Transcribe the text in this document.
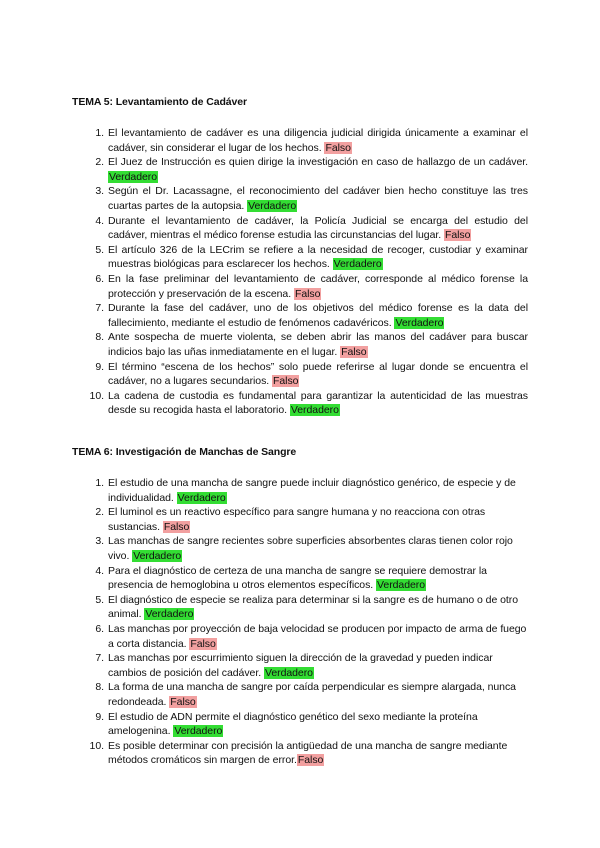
TEMA 5: Levantamiento de Cadáver
1. El levantamiento de cadáver es una diligencia judicial dirigida únicamente a examinar el cadáver, sin considerar el lugar de los hechos. Falso
2. El Juez de Instrucción es quien dirige la investigación en caso de hallazgo de un cadáver. Verdadero
3. Según el Dr. Lacassagne, el reconocimiento del cadáver bien hecho constituye las tres cuartas partes de la autopsia. Verdadero
4. Durante el levantamiento de cadáver, la Policía Judicial se encarga del estudio del cadáver, mientras el médico forense estudia las circunstancias del lugar. Falso
5. El artículo 326 de la LECrim se refiere a la necesidad de recoger, custodiar y examinar muestras biológicas para esclarecer los hechos. Verdadero
6. En la fase preliminar del levantamiento de cadáver, corresponde al médico forense la protección y preservación de la escena. Falso
7. Durante la fase del cadáver, uno de los objetivos del médico forense es la data del fallecimiento, mediante el estudio de fenómenos cadavéricos. Verdadero
8. Ante sospecha de muerte violenta, se deben abrir las manos del cadáver para buscar indicios bajo las uñas inmediatamente en el lugar. Falso
9. El término “escena de los hechos” solo puede referirse al lugar donde se encuentra el cadáver, no a lugares secundarios. Falso
10. La cadena de custodia es fundamental para garantizar la autenticidad de las muestras desde su recogida hasta el laboratorio. Verdadero
TEMA 6: Investigación de Manchas de Sangre
1. El estudio de una mancha de sangre puede incluir diagnóstico genérico, de especie y de individualidad. Verdadero
2. El luminol es un reactivo específico para sangre humana y no reacciona con otras sustancias. Falso
3. Las manchas de sangre recientes sobre superficies absorbentes claras tienen color rojo vivo. Verdadero
4. Para el diagnóstico de certeza de una mancha de sangre se requiere demostrar la presencia de hemoglobina u otros elementos específicos. Verdadero
5. El diagnóstico de especie se realiza para determinar si la sangre es de humano o de otro animal. Verdadero
6. Las manchas por proyección de baja velocidad se producen por impacto de arma de fuego a corta distancia. Falso
7. Las manchas por escurrimiento siguen la dirección de la gravedad y pueden indicar cambios de posición del cadáver. Verdadero
8. La forma de una mancha de sangre por caída perpendicular es siempre alargada, nunca redondeada. Falso
9. El estudio de ADN permite el diagnóstico genético del sexo mediante la proteína amelogenina. Verdadero
10. Es posible determinar con precisión la antigüedad de una mancha de sangre mediante métodos cromáticos sin margen de error.Falso
